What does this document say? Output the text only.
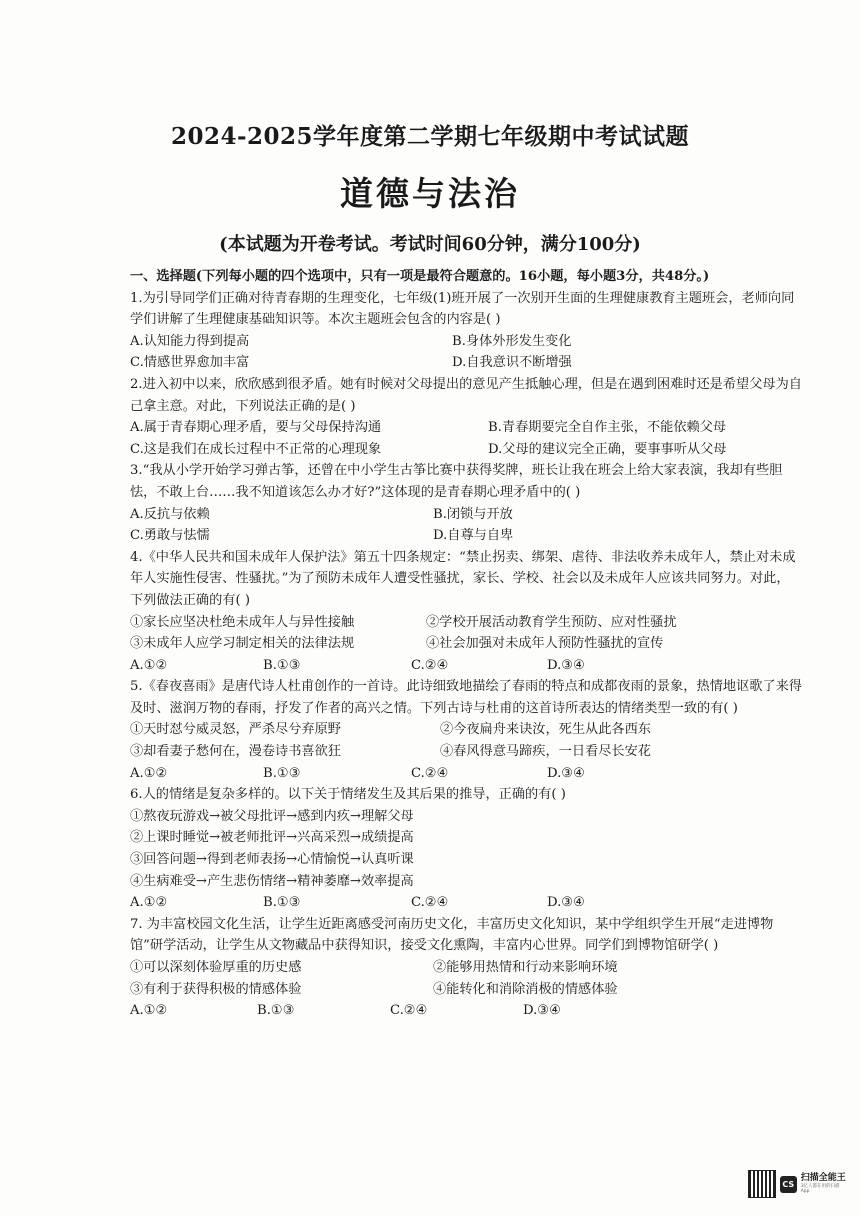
2024-2025学年度第二学期七年级期中考试试题
道德与法治
(本试题为开卷考试。考试时间60分钟，满分100分)
一、选择题(下列每小题的四个选项中，只有一项是最符合题意的。16小题，每小题3分，共48分。)

1.为引导同学们正确对待青春期的生理变化，七年级(1)班开展了一次别开生面的生理健康教育主题班会，老师向同学们讲解了生理健康基础知识等。本次主题班会包含的内容是( )

A.认知能力得到提高	B.身体外形发生变化
C.情感世界愈加丰富	D.自我意识不断增强

2.进入初中以来，欣欣感到很矛盾。她有时候对父母提出的意见产生抵触心理，但是在遇到困难时还是希望父母为自己拿主意。对此，下列说法正确的是( )

A.属于青春期心理矛盾，要与父母保持沟通	B.青春期要完全自作主张，不能依赖父母
C.这是我们在成长过程中不正常的心理现象	D.父母的建议完全正确，要事事听从父母

3.“我从小学开始学习弹古筝，还曾在中小学生古筝比赛中获得奖牌，班长让我在班会上给大家表演，我却有些胆怯，不敢上台……我不知道该怎么办才好?”这体现的是青春期心理矛盾中的( )

A.反抗与依赖	B.闭锁与开放
C.勇敢与怯懦	D.自尊与自卑

4.《中华人民共和国未成年人保护法》第五十四条规定：“禁止拐卖、绑架、虐待、非法收养未成年人，禁止对未成年人实施性侵害、性骚扰。”为了预防未成年人遭受性骚扰，家长、学校、社会以及未成年人应该共同努力。对此，下列做法正确的有( )

①家长应坚决杜绝未成年人与异性接触	②学校开展活动教育学生预防、应对性骚扰
③未成年人应学习制定相关的法律法规	④社会加强对未成年人预防性骚扰的宣传
A.①②	B.①③	C.②④	D.③④

5.《春夜喜雨》是唐代诗人杜甫创作的一首诗。此诗细致地描绘了春雨的特点和成都夜雨的景象，热情地讴歌了来得及时、滋润万物的春雨，抒发了作者的高兴之情。下列古诗与杜甫的这首诗所表达的情绪类型一致的有( )

①天时怼兮威灵怒，严杀尽兮弃原野	②今夜扁舟来诀汝，死生从此各西东
③却看妻子愁何在，漫卷诗书喜欲狂	④春风得意马蹄疾，一日看尽长安花
A.①②	B.①③	C.②④	D.③④

6.人的情绪是复杂多样的。以下关于情绪发生及其后果的推导，正确的有( )

①熬夜玩游戏→被父母批评→感到内疚→理解父母
②上课时睡觉→被老师批评→兴高采烈→成绩提高
③回答问题→得到老师表扬→心情愉悦→认真听课
④生病难受→产生悲伤情绪→精神萎靡→效率提高
A.①②	B.①③	C.②④	D.③④

7. 为丰富校园文化生活，让学生近距离感受河南历史文化，丰富历史文化知识，某中学组织学生开展“走进博物馆”研学活动，让学生从文物藏品中获得知识，接受文化熏陶，丰富内心世界。同学们到博物馆研学( )

①可以深刻体验厚重的历史感	②能够用热情和行动来影响环境
③有利于获得积极的情感体验	④能转化和消除消极的情感体验
A.①②	B.①③	C.②④	D.③④
CS
扫描全能王
3亿人都在用的扫描App
